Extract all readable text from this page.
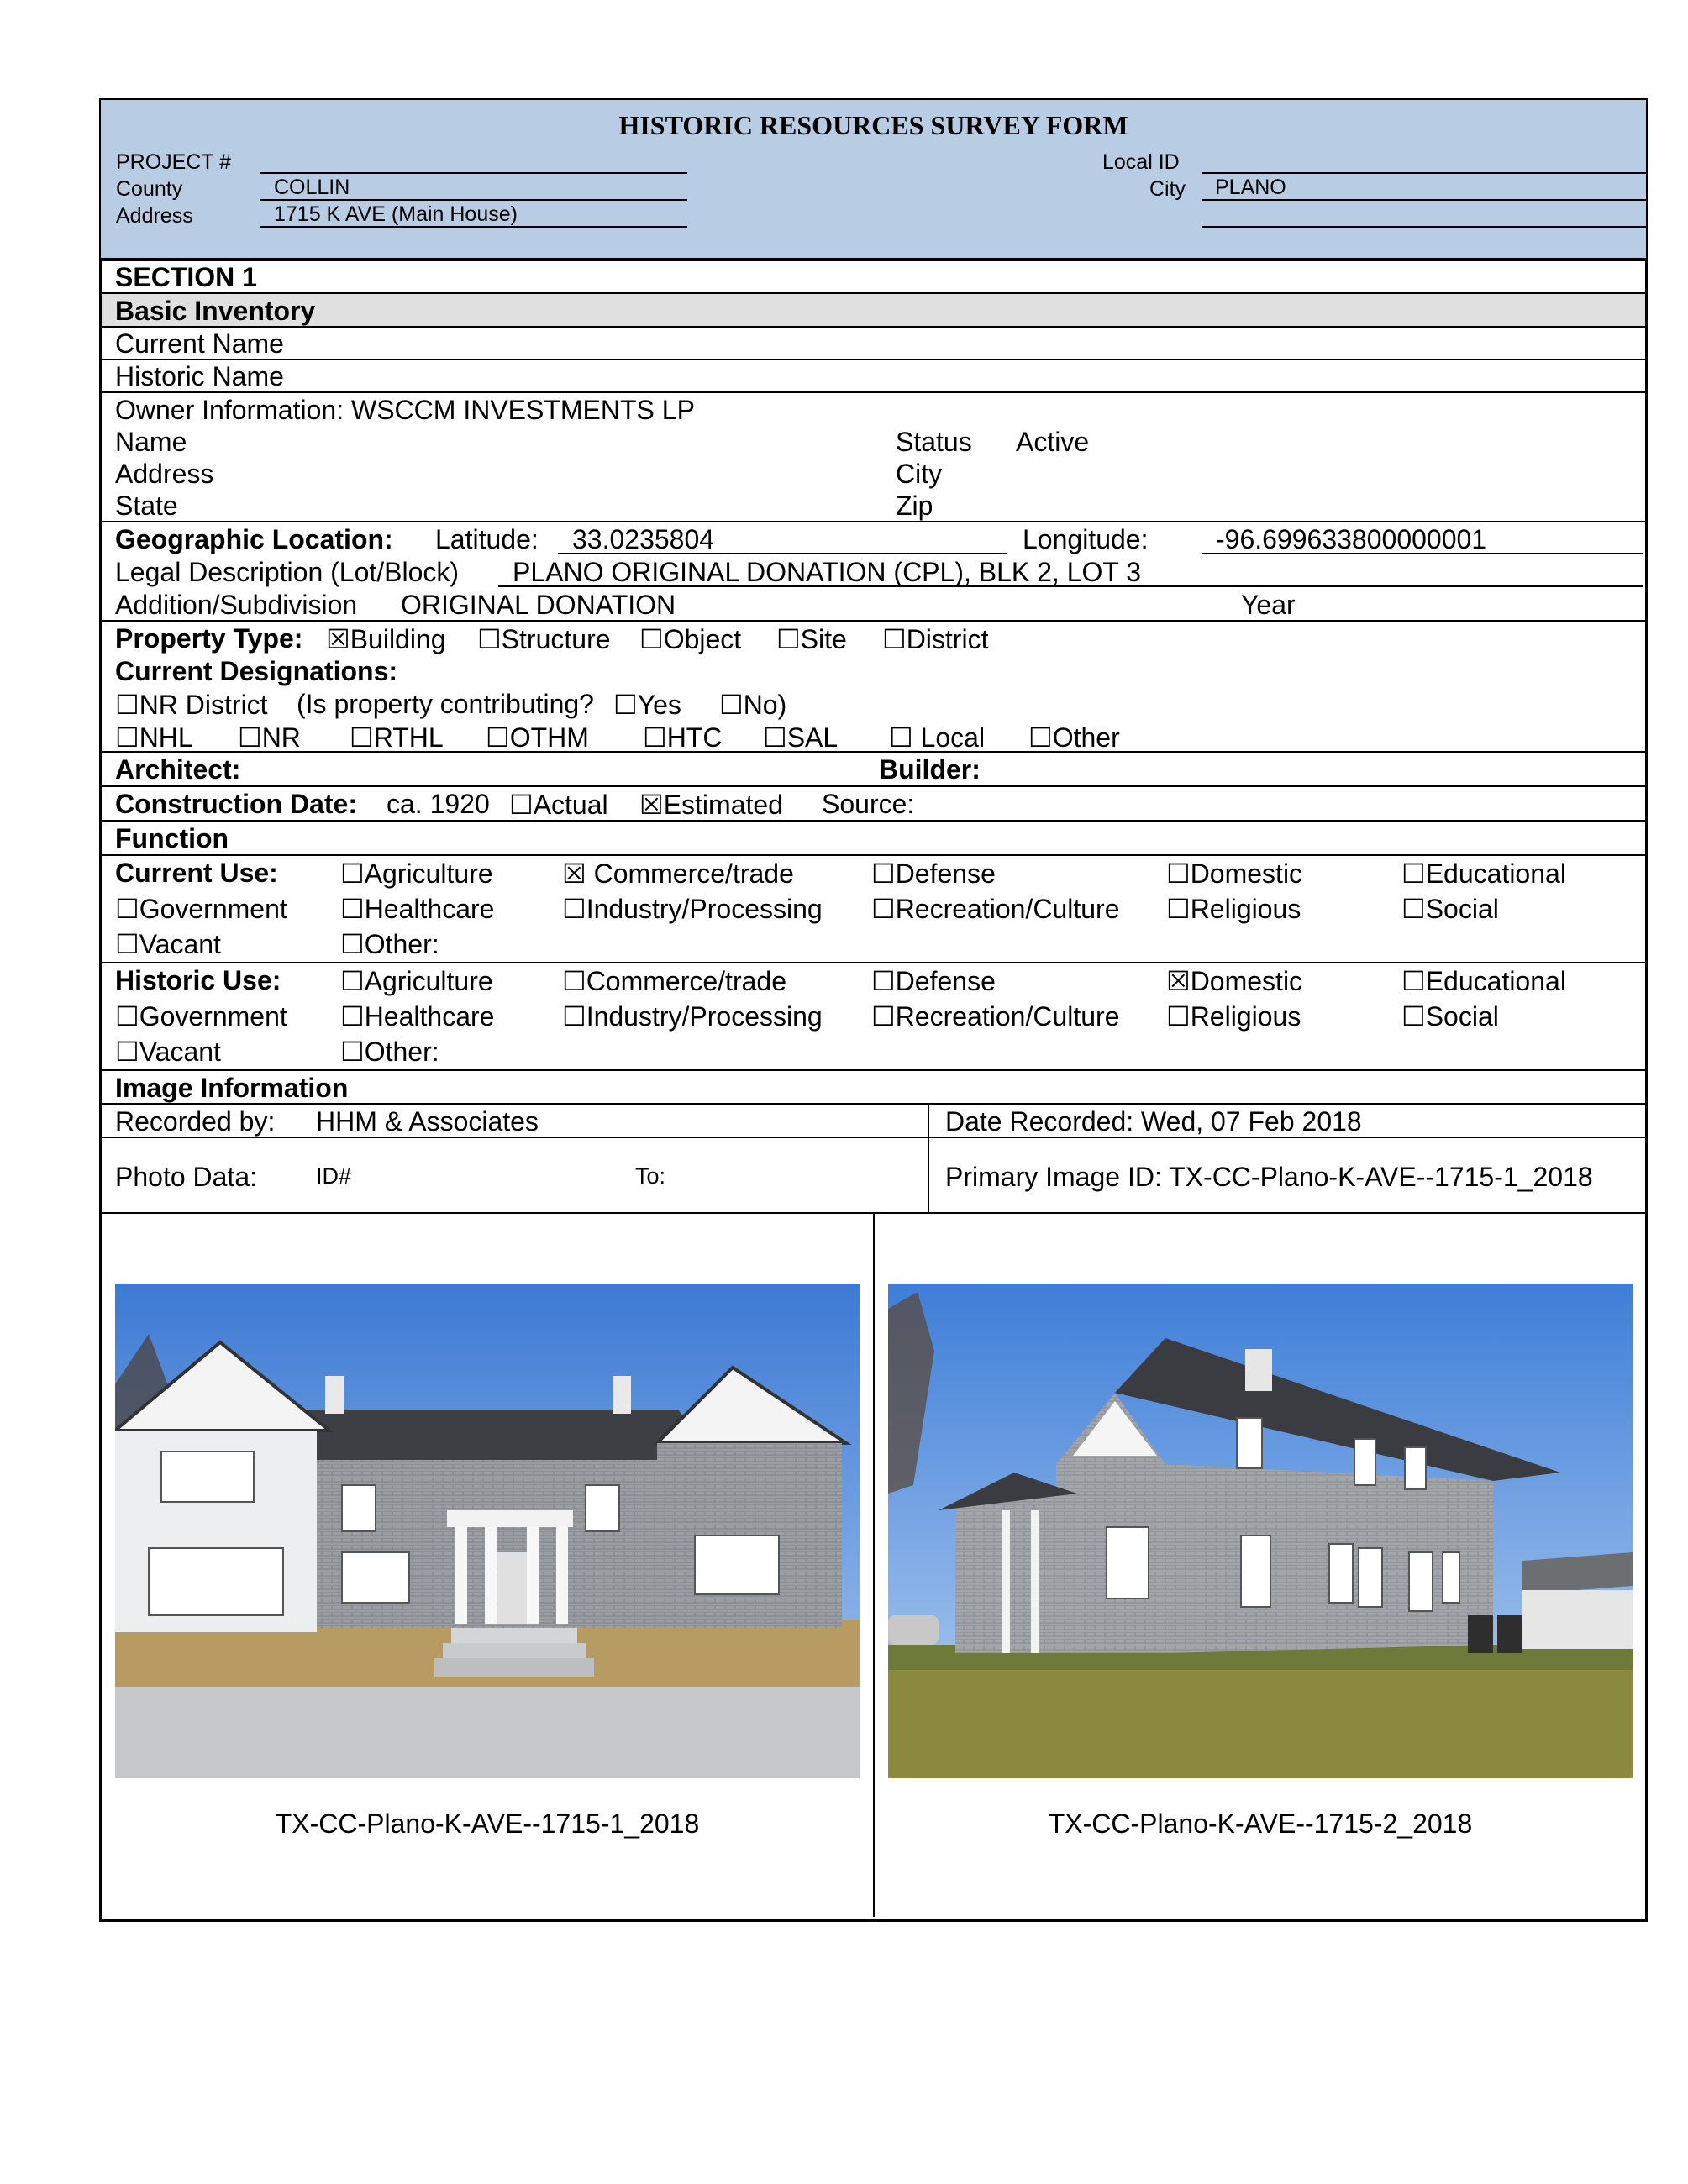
HISTORIC RESOURCES SURVEY FORM
PROJECT #
County	COLLIN
Address	1715 K AVE (Main House)
Local ID
City	PLANO
SECTION 1
Basic Inventory
Current Name
Historic Name
Owner Information: WSCCM INVESTMENTS LP
Name
Address
State
Status Active
City
Zip
Geographic Location: Latitude: 33.0235804	Longitude:	-96.699633800000001
Legal Description (Lot/Block) PLANO ORIGINAL DONATION (CPL), BLK 2, LOT 3
Addition/Subdivision ORIGINAL DONATION	Year
Property Type: ☒Building ☐Structure ☐Object ☐Site ☐District
Current Designations:
☐NR District (Is property contributing? ☐Yes ☐No)
☐NHL ☐NR ☐RTHL ☐OTHM ☐HTC ☐SAL ☐ Local ☐Other
Architect:	Builder:
Construction Date: ca. 1920 ☐Actual ☒Estimated Source:
Function
Current Use: ☐Agriculture	☒ Commerce/trade	☐Defense	☐Domestic	☐Educational
☐Government ☐Healthcare	☐Industry/Processing ☐Recreation/Culture ☐Religious	☐Social
☐Vacant	☐Other:
Historic Use: ☐Agriculture	☐Commerce/trade	☐Defense	☒Domestic	☐Educational
☐Government ☐Healthcare	☐Industry/Processing ☐Recreation/Culture ☐Religious	☐Social
☐Vacant	☐Other:
Image Information
Recorded by: HHM & Associates	Date Recorded: Wed, 07 Feb 2018
Photo Data:	ID#	To:	Primary Image ID: TX-CC-Plano-K-AVE--1715-1_2018
TX-CC-Plano-K-AVE--1715-1_2018	TX-CC-Plano-K-AVE--1715-2_2018
